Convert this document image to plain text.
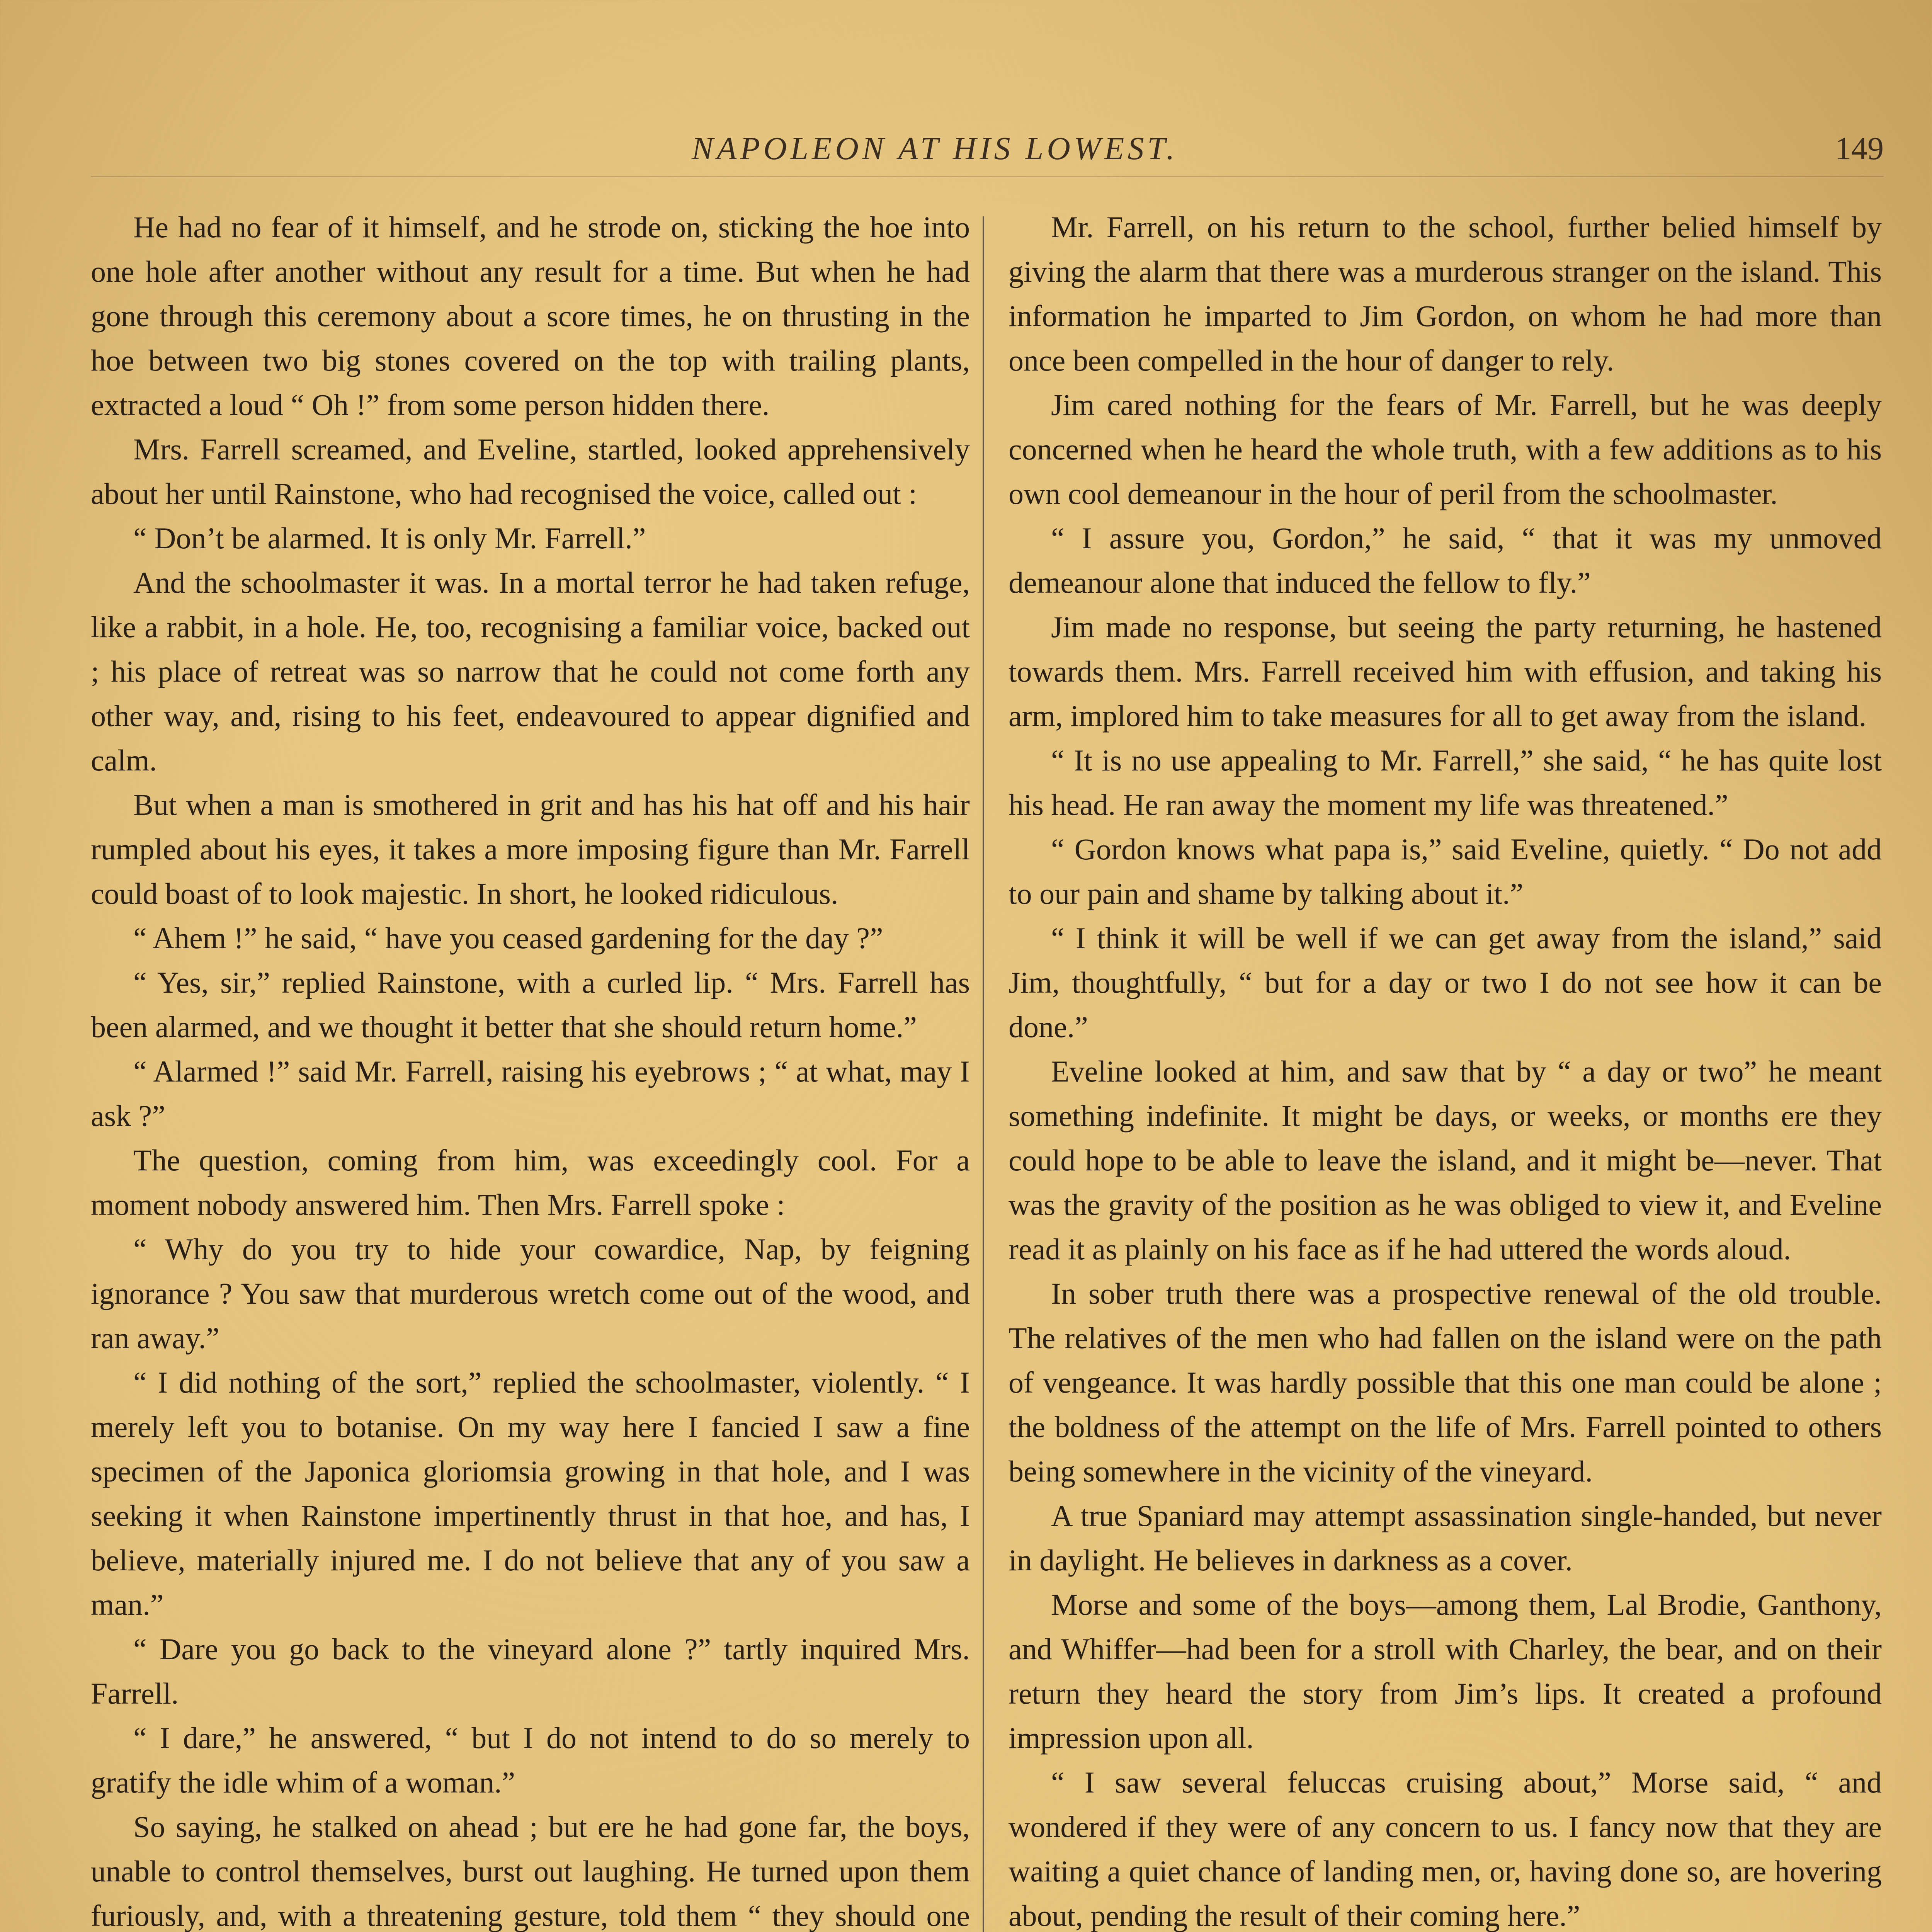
NAPOLEON AT HIS LOWEST.	149

He had no fear of it himself, and he strode on, sticking the hoe into one hole after another without any result for a time. But when he had gone through this ceremony about a score times, he on thrusting in the hoe between two big stones covered on the top with trailing plants, extracted a loud “ Oh !” from some person hidden there.

Mrs. Farrell screamed, and Eveline, startled, looked apprehensively about her until Rainstone, who had recognised the voice, called out :

“ Don’t be alarmed. It is only Mr. Farrell.”

And the schoolmaster it was. In a mortal terror he had taken refuge, like a rabbit, in a hole. He, too, recognising a familiar voice, backed out ; his place of retreat was so narrow that he could not come forth any other way, and, rising to his feet, endeavoured to appear dignified and calm.

But when a man is smothered in grit and has his hat off and his hair rumpled about his eyes, it takes a more imposing figure than Mr. Farrell could boast of to look majestic. In short, he looked ridiculous.

“ Ahem !” he said, “ have you ceased gardening for the day ?”

“ Yes, sir,” replied Rainstone, with a curled lip. “ Mrs. Farrell has been alarmed, and we thought it better that she should return home.”

“ Alarmed !” said Mr. Farrell, raising his eyebrows ; “ at what, may I ask ?”

The question, coming from him, was exceedingly cool. For a moment nobody answered him. Then Mrs. Farrell spoke :

“ Why do you try to hide your cowardice, Nap, by feigning ignorance ? You saw that murderous wretch come out of the wood, and ran away.”

“ I did nothing of the sort,” replied the schoolmaster, violently. “ I merely left you to botanise. On my way here I fancied I saw a fine specimen of the Japonica gloriomsia growing in that hole, and I was seeking it when Rainstone impertinently thrust in that hoe, and has, I believe, materially injured me. I do not believe that any of you saw a man.”

“ Dare you go back to the vineyard alone ?” tartly inquired Mrs. Farrell.

“ I dare,” he answered, “ but I do not intend to do so merely to gratify the idle whim of a woman.”

So saying, he stalked on ahead ; but ere he had gone far, the boys, unable to control themselves, burst out laughing. He turned upon them furiously, and, with a threatening gesture, told them “ they should one

Mr. Farrell, on his return to the school, further belied himself by giving the alarm that there was a murderous stranger on the island. This information he imparted to Jim Gordon, on whom he had more than once been compelled in the hour of danger to rely.

Jim cared nothing for the fears of Mr. Farrell, but he was deeply concerned when he heard the whole truth, with a few additions as to his own cool demeanour in the hour of peril from the schoolmaster.

“ I assure you, Gordon,” he said, “ that it was my unmoved demeanour alone that induced the fellow to fly.”

Jim made no response, but seeing the party returning, he hastened towards them. Mrs. Farrell received him with effusion, and taking his arm, implored him to take measures for all to get away from the island.

“ It is no use appealing to Mr. Farrell,” she said, “ he has quite lost his head. He ran away the moment my life was threatened.”

“ Gordon knows what papa is,” said Eveline, quietly. “ Do not add to our pain and shame by talking about it.”

“ I think it will be well if we can get away from the island,” said Jim, thoughtfully, “ but for a day or two I do not see how it can be done.”

Eveline looked at him, and saw that by “ a day or two” he meant something indefinite. It might be days, or weeks, or months ere they could hope to be able to leave the island, and it might be—never. That was the gravity of the position as he was obliged to view it, and Eveline read it as plainly on his face as if he had uttered the words aloud.

In sober truth there was a prospective renewal of the old trouble. The relatives of the men who had fallen on the island were on the path of vengeance. It was hardly possible that this one man could be alone ; the boldness of the attempt on the life of Mrs. Farrell pointed to others being somewhere in the vicinity of the vineyard.

A true Spaniard may attempt assassination single-handed, but never in daylight. He believes in darkness as a cover.

Morse and some of the boys—among them, Lal Brodie, Ganthony, and Whiffer—had been for a stroll with Charley, the bear, and on their return they heard the story from Jim’s lips. It created a profound impression upon all.

“ I saw several feluccas cruising about,” Morse said, “ and wondered if they were of any concern to us. I fancy now that they are waiting a quiet chance of landing men, or, having done so, are hovering about, pending the result of their coming here.”
